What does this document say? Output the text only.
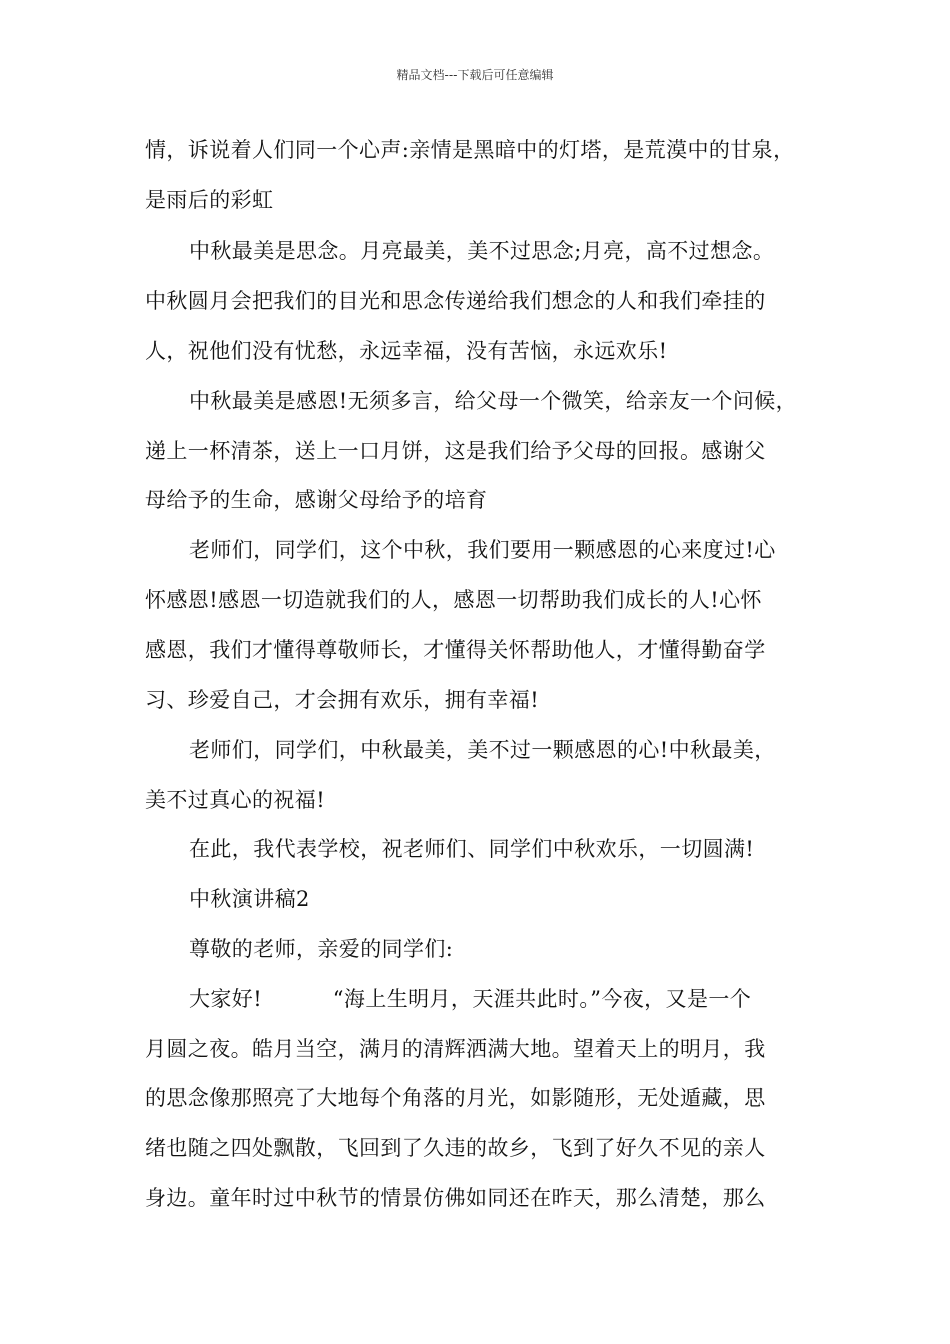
精品文档---下载后可任意编辑
情，诉说着人们同一个心声:亲情是黑暗中的灯塔，是荒漠中的甘泉，
是雨后的彩虹
中秋最美是思念。月亮最美，美不过思念;月亮，高不过想念。
中秋圆月会把我们的目光和思念传递给我们想念的人和我们牵挂的
人，祝他们没有忧愁，永远幸福，没有苦恼，永远欢乐!
中秋最美是感恩!无须多言，给父母一个微笑，给亲友一个问候，
递上一杯清茶，送上一口月饼，这是我们给予父母的回报。感谢父
母给予的生命，感谢父母给予的培育
老师们，同学们，这个中秋，我们要用一颗感恩的心来度过!心
怀感恩!感恩一切造就我们的人，感恩一切帮助我们成长的人!心怀
感恩，我们才懂得尊敬师长，才懂得关怀帮助他人，才懂得勤奋学
习、珍爱自己，才会拥有欢乐，拥有幸福!
老师们，同学们，中秋最美，美不过一颗感恩的心!中秋最美，
美不过真心的祝福!
在此，我代表学校，祝老师们、同学们中秋欢乐，一切圆满!
中秋演讲稿2
尊敬的老师，亲爱的同学们:
大家好!          “海上生明月，天涯共此时。”今夜，又是一个
月圆之夜。皓月当空，满月的清辉洒满大地。望着天上的明月，我
的思念像那照亮了大地每个角落的月光，如影随形，无处遁藏，思
绪也随之四处飘散，飞回到了久违的故乡，飞到了好久不见的亲人
身边。童年时过中秋节的情景仿佛如同还在昨天，那么清楚，那么
